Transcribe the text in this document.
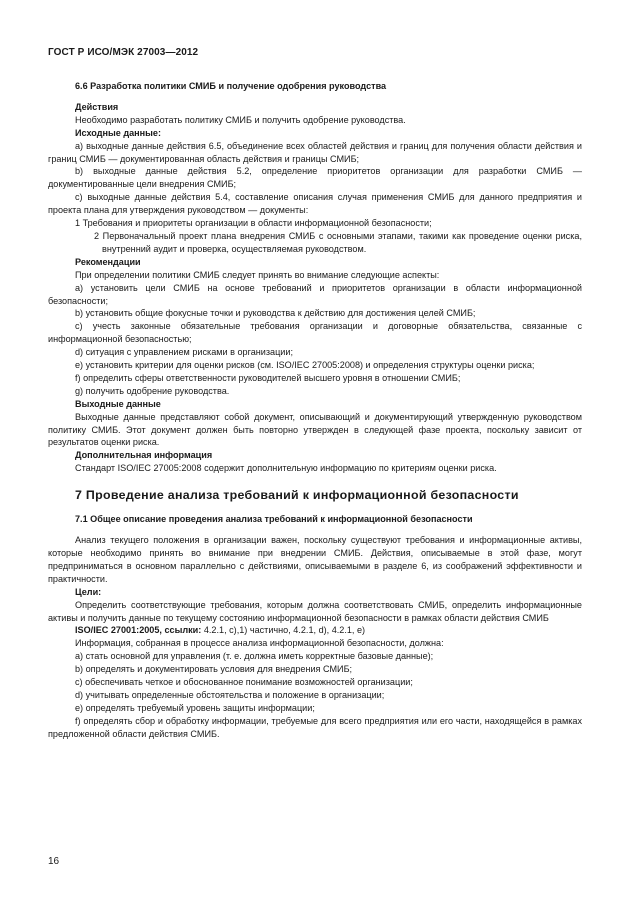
ГОСТ Р ИСО/МЭК 27003—2012

6.6 Разработка политики СМИБ и получение одобрения руководства

Действия

Необходимо разработать политику СМИБ и получить одобрение руководства.

Исходные данные:

a) выходные данные действия 6.5, объединение всех областей действия и границ для получения области действия и границ СМИБ — документированная область действия и границы СМИБ;

b) выходные данные действия 5.2, определение приоритетов организации для разработки СМИБ — документированные цели внедрения СМИБ;

c) выходные данные действия 5.4, составление описания случая применения СМИБ для данного предприятия и проекта плана для утверждения руководством — документы:

1 Требования и приоритеты организации в области информационной безопасности;

2 Первоначальный проект плана внедрения СМИБ с основными этапами, такими как проведение оценки риска, внутренний аудит и проверка, осуществляемая руководством.

Рекомендации

При определении политики СМИБ следует принять во внимание следующие аспекты:

a) установить цели СМИБ на основе требований и приоритетов организации в области информационной безопасности;

b) установить общие фокусные точки и руководства к действию для достижения целей СМИБ;

c) учесть законные обязательные требования организации и договорные обязательства, связанные с информационной безопасностью;

d) ситуация с управлением рисками в организации;

e) установить критерии для оценки рисков (см. ISO/IEC 27005:2008) и определения структуры оценки риска;

f) определить сферы ответственности руководителей высшего уровня в отношении СМИБ;

g) получить одобрение руководства.

Выходные данные

Выходные данные представляют собой документ, описывающий и документирующий утвержденную руководством политику СМИБ. Этот документ должен быть повторно утвержден в следующей фазе проекта, поскольку зависит от результатов оценки риска.

Дополнительная информация

Стандарт ISO/IEC 27005:2008 содержит дополнительную информацию по критериям оценки риска.

7 Проведение анализа требований к информационной безопасности

7.1 Общее описание проведения анализа требований к информационной безопасности

Анализ текущего положения в организации важен, поскольку существуют требования и информационные активы, которые необходимо принять во внимание при внедрении СМИБ. Действия, описываемые в этой фазе, могут предприниматься в основном параллельно с действиями, описываемыми в разделе 6, из соображений эффективности и практичности.

Цели:

Определить соответствующие требования, которым должна соответствовать СМИБ, определить информационные активы и получить данные по текущему состоянию информационной безопасности в рамках области действия СМИБ

ISO/IEC 27001:2005, ссылки: 4.2.1, c),1) частично, 4.2.1, d), 4.2.1, e)

Информация, собранная в процессе анализа информационной безопасности, должна:

a) стать основной для управления (т. е. должна иметь корректные базовые данные);

b) определять и документировать условия для внедрения СМИБ;

c) обеспечивать четкое и обоснованное понимание возможностей организации;

d) учитывать определенные обстоятельства и положение в организации;

e) определять требуемый уровень защиты информации;

f) определять сбор и обработку информации, требуемые для всего предприятия или его части, находящейся в рамках предложенной области действия СМИБ.

16
